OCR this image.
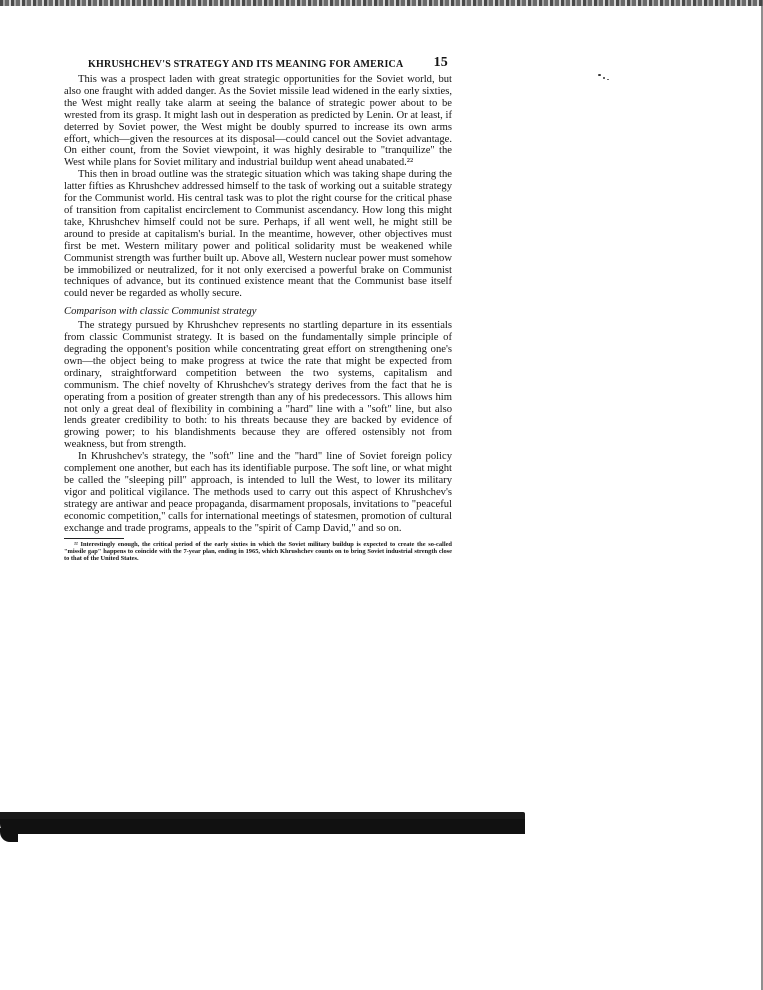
KHRUSHCHEV'S STRATEGY AND ITS MEANING FOR AMERICA 15

This was a prospect laden with great strategic opportunities for the Soviet world, but also one fraught with added danger. As the Soviet missile lead widened in the early sixties, the West might really take alarm at seeing the balance of strategic power about to be wrested from its grasp. It might lash out in desperation as predicted by Lenin. Or at least, if deterred by Soviet power, the West might be doubly spurred to increase its own arms effort, which—given the resources at its disposal—could cancel out the Soviet advantage. On either count, from the Soviet viewpoint, it was highly desirable to "tranquilize" the West while plans for Soviet military and industrial buildup went ahead unabated.²²

This then in broad outline was the strategic situation which was taking shape during the latter fifties as Khrushchev addressed himself to the task of working out a suitable strategy for the Communist world. His central task was to plot the right course for the critical phase of transition from capitalist encirclement to Communist ascendancy. How long this might take, Khrushchev himself could not be sure. Perhaps, if all went well, he might still be around to preside at capitalism's burial. In the meantime, however, other objectives must first be met. Western military power and political solidarity must be weakened while Communist strength was further built up. Above all, Western nuclear power must somehow be immobilized or neutralized, for it not only exercised a powerful brake on Communist techniques of advance, but its continued existence meant that the Communist base itself could never be regarded as wholly secure.

Comparison with classic Communist strategy

The strategy pursued by Khrushchev represents no startling departure in its essentials from classic Communist strategy. It is based on the fundamentally simple principle of degrading the opponent's position while concentrating great effort on strengthening one's own—the object being to make progress at twice the rate that might be expected from ordinary, straightforward competition between the two systems, capitalism and communism. The chief novelty of Khrushchev's strategy derives from the fact that he is operating from a position of greater strength than any of his predecessors. This allows him not only a great deal of flexibility in combining a "hard" line with a "soft" line, but also lends greater credibility to both: to his threats because they are backed by evidence of growing power; to his blandishments because they are offered ostensibly not from weakness, but from strength.

In Khrushchev's strategy, the "soft" line and the "hard" line of Soviet foreign policy complement one another, but each has its identifiable purpose. The soft line, or what might be called the "sleeping pill" approach, is intended to lull the West, to lower its military vigor and political vigilance. The methods used to carry out this aspect of Khrushchev's strategy are antiwar and peace propaganda, disarmament proposals, invitations to "peaceful economic competition," calls for international meetings of statesmen, promotion of cultural exchange and trade programs, appeals to the "spirit of Camp David," and so on.

²² Interestingly enough, the critical period of the early sixties in which the Soviet military buildup is expected to create the so-called "missile gap" happens to coincide with the 7-year plan, ending in 1965, which Khrushchev counts on to bring Soviet industrial strength close to that of the United States.
